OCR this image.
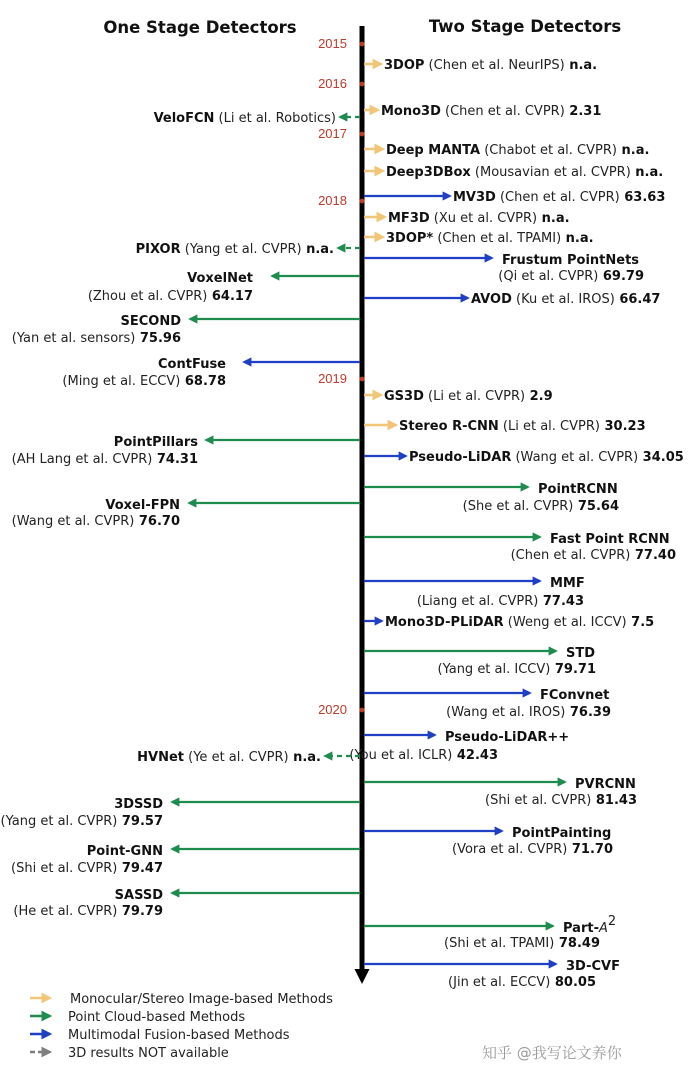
One Stage Detectors	Two Stage Detectors
2015
2016
2017
2018
2019
2020
3DOP (Chen et al. NeurIPS) n.a.
Mono3D (Chen et al. CVPR) 2.31
VeloFCN (Li et al. Robotics)
Deep MANTA (Chabot et al. CVPR) n.a.
Deep3DBox (Mousavian et al. CVPR) n.a.
MV3D (Chen et al. CVPR) 63.63
MF3D (Xu et al. CVPR) n.a.
3DOP* (Chen et al. TPAMI) n.a.
PIXOR (Yang et al. CVPR) n.a.
Frustum PointNets
(Qi et al. CVPR) 69.79
VoxelNet
(Zhou et al. CVPR) 64.17	AVOD (Ku et al. IROS) 66.47
SECOND
(Yan et al. sensors) 75.96
ContFuse
(Ming et al. ECCV) 68.78
GS3D (Li et al. CVPR) 2.9
Stereo R-CNN (Li et al. CVPR) 30.23
PointPillars
(AH Lang et al. CVPR) 74.31	Pseudo-LiDAR (Wang et al. CVPR) 34.05
PointRCNN
(She et al. CVPR) 75.64
Voxel-FPN
(Wang et al. CVPR) 76.70
Fast Point RCNN
(Chen et al. CVPR) 77.40
MMF
(Liang et al. CVPR) 77.43
Mono3D-PLiDAR (Weng et al. ICCV) 7.5
STD
(Yang et al. ICCV) 79.71
FConvnet
(Wang et al. IROS) 76.39
Pseudo-LiDAR++
(You et al. ICLR) 42.43
HVNet (Ye et al. CVPR) n.a.
PVRCNN
(Shi et al. CVPR) 81.43
3DSSD
(Yang et al. CVPR) 79.57
PointPainting
(Vora et al. CVPR) 71.70
Point-GNN
(Shi et al. CVPR) 79.47
SASSD
(He et al. CVPR) 79.79
Part-$A^2$
(Shi et al. TPAMI) 78.49
3D-CVF
(Jin et al. ECCV) 80.05
Monocular/Stereo Image-based Methods
Point Cloud-based Methods
Multimodal Fusion-based Methods
3D results NOT available	知乎 @我写论文养你
